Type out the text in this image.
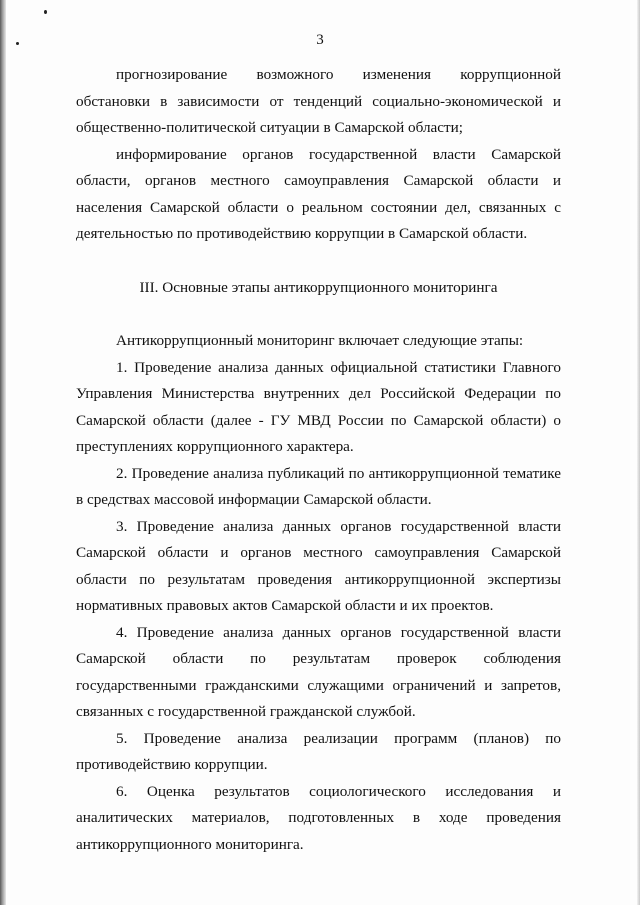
3

прогнозирование возможного изменения коррупционной обстановки в зависимости от тенденций социально-экономической и общественно-политической ситуации в Самарской области;

информирование органов государственной власти Самарской области, органов местного самоуправления Самарской области и населения Самарской области о реальном состоянии дел, связанных с деятельностью по противодействию коррупции в Самарской области.

III. Основные этапы антикоррупционного мониторинга

Антикоррупционный мониторинг включает следующие этапы:

1. Проведение анализа данных официальной статистики Главного Управления Министерства внутренних дел Российской Федерации по Самарской области (далее - ГУ МВД России по Самарской области) о преступлениях коррупционного характера.

2. Проведение анализа публикаций по антикоррупционной тематике в средствах массовой информации Самарской области.

3. Проведение анализа данных органов государственной власти Самарской области и органов местного самоуправления Самарской области по результатам проведения антикоррупционной экспертизы нормативных правовых актов Самарской области и их проектов.

4. Проведение анализа данных органов государственной власти Самарской области по результатам проверок соблюдения государственными гражданскими служащими ограничений и запретов, связанных с государственной гражданской службой.

5. Проведение анализа реализации программ (планов) по противодействию коррупции.

6. Оценка результатов социологического исследования и аналитических материалов, подготовленных в ходе проведения антикоррупционного мониторинга.
